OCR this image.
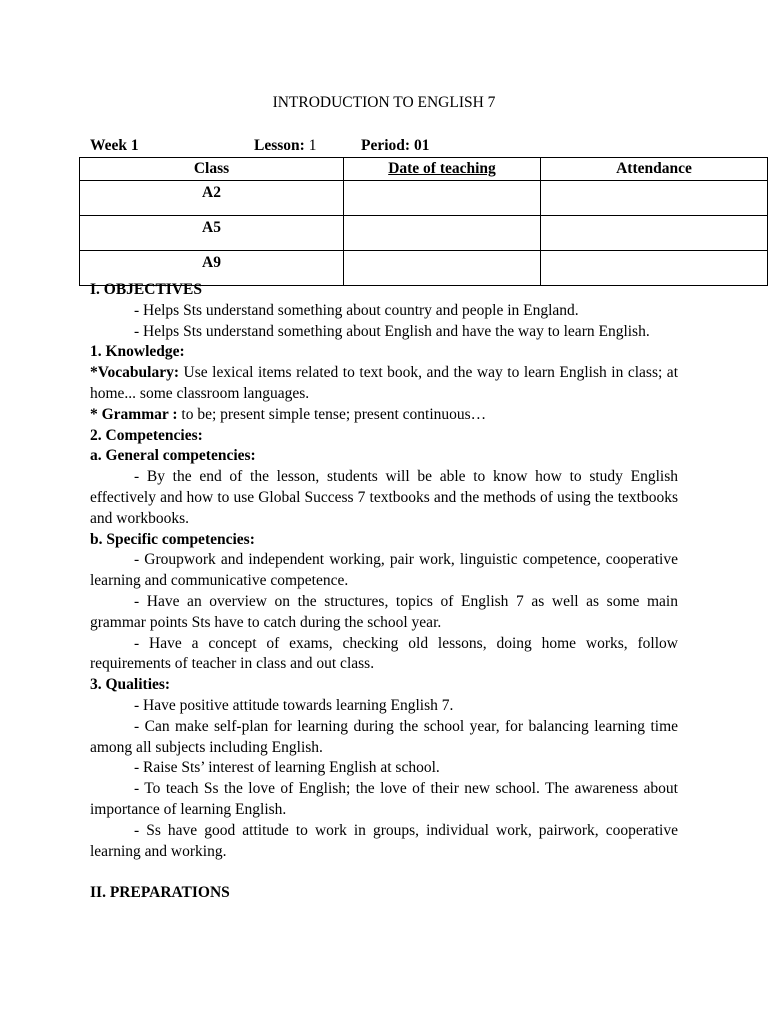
INTRODUCTION TO ENGLISH 7
Week 1	Lesson: 1	Period: 01
Class	Date of teaching	Attendance
A2		
A5		
A9		

I. OBJECTIVES

- Helps Sts understand something about country and people in England.

- Helps Sts understand something about English and have the way to learn English.

1. Knowledge:

*Vocabulary: Use lexical items related to text book, and the way to learn English in class; at home... some classroom languages.

* Grammar : to be; present simple tense; present continuous…

2. Competencies:

a. General competencies:

- By the end of the lesson, students will be able to know how to study English effectively and how to use Global Success 7 textbooks and the methods of using the textbooks and workbooks.

b. Specific competencies:

- Groupwork and independent working, pair work, linguistic competence, cooperative learning and communicative competence.

- Have an overview on the structures, topics of English 7 as well as some main grammar points Sts have to catch during the school year.

- Have a concept of exams, checking old lessons, doing home works, follow requirements of teacher in class and out class.

3. Qualities:

- Have positive attitude towards learning English 7.

- Can make self-plan for learning during the school year, for balancing learning time among all subjects including English.

- Raise Sts’ interest of learning English at school.

- To teach Ss the love of English; the love of their new school. The awareness about importance of learning English.

- Ss have good attitude to work in groups, individual work, pairwork, cooperative learning and working.

II. PREPARATIONS
